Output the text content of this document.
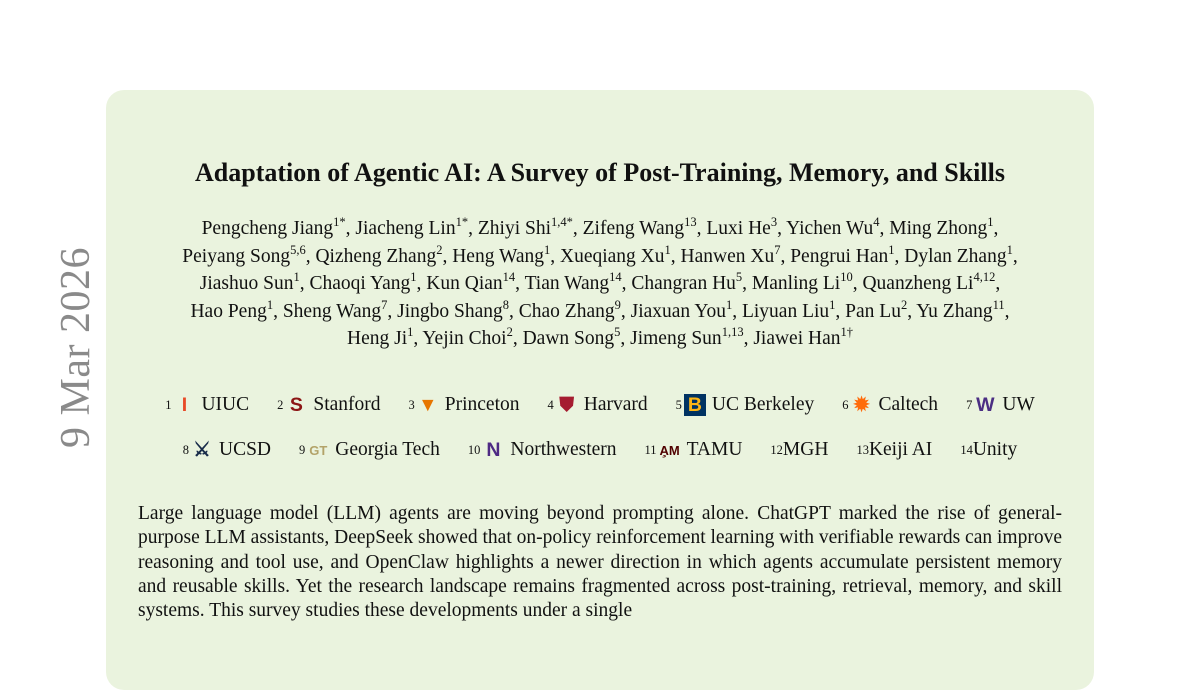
9 Mar 2026
Adaptation of Agentic AI: A Survey of Post-Training, Memory, and Skills
Pengcheng Jiang$^{1*}$, Jiacheng Lin$^{1*}$, Zhiyi Shi$^{1,4*}$, Zifeng Wang$^{13}$, Luxi He$^3$, Yichen Wu$^4$, Ming Zhong$^1$,
Peiyang Song$^{5,6}$, Qizheng Zhang$^2$, Heng Wang$^1$, Xueqiang Xu$^1$, Hanwen Xu$^7$, Pengrui Han$^1$, Dylan Zhang$^1$,
Jiashuo Sun$^1$, Chaoqi Yang$^1$, Kun Qian$^{14}$, Tian Wang$^{14}$, Changran Hu$^5$, Manling Li$^{10}$, Quanzheng Li$^{4,12}$,
Hao Peng$^1$, Sheng Wang$^7$, Jingbo Shang$^8$, Chao Zhang$^9$, Jiaxuan You$^1$, Liyuan Liu$^1$, Pan Lu$^2$, Yu Zhang$^{11}$,
Heng Ji$^1$, Yejin Choi$^2$, Dawn Song$^5$, Jimeng Sun$^{1,13}$, Jiawei Han$^{1\dagger}$
1 I UIUC 2 S Stanford 3 ▼ Princeton 4 ⛊ Harvard 5 B UC Berkeley 6 ✹ Caltech 7 W UW
8 ⚔ UCSD 9 GT Georgia Tech 10 N Northwestern 11 A̧M TAMU 12 MGH 13 Keiji AI 14 Unity
Large language model (LLM) agents are moving beyond prompting alone. ChatGPT marked the rise of general-purpose LLM assistants, DeepSeek showed that on-policy reinforcement learning with verifiable rewards can improve reasoning and tool use, and OpenClaw highlights a newer direction in which agents accumulate persistent memory and reusable skills. Yet the research landscape remains fragmented across post-training, retrieval, memory, and skill systems. This survey studies these developments under a single
